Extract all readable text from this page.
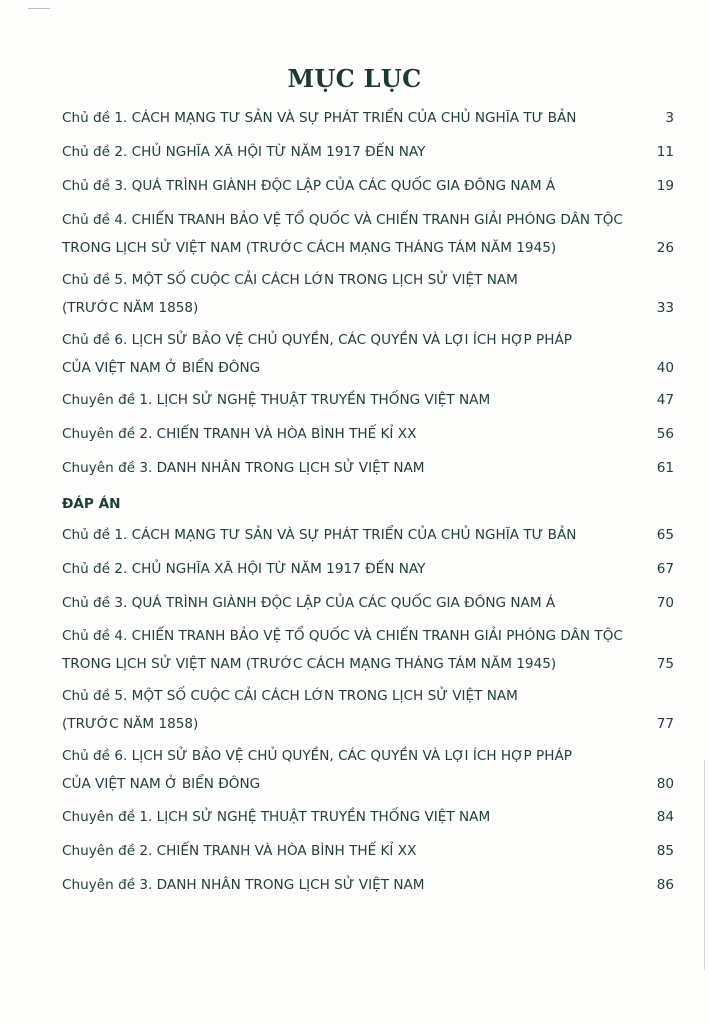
MỤC LỤC
Chủ đề 1. CÁCH MẠNG TƯ SẢN VÀ SỰ PHÁT TRIỂN CỦA CHỦ NGHĨA TƯ BẢN	3
Chủ đề 2. CHỦ NGHĨA XÃ HỘI TỪ NĂM 1917 ĐẾN NAY	11
Chủ đề 3. QUÁ TRÌNH GIÀNH ĐỘC LẬP CỦA CÁC QUỐC GIA ĐÔNG NAM Á	19
Chủ đề 4. CHIẾN TRANH BẢO VỆ TỔ QUỐC VÀ CHIẾN TRANH GIẢI PHÓNG DÂN TỘC
TRONG LỊCH SỬ VIỆT NAM (TRƯỚC CÁCH MẠNG THÁNG TÁM NĂM 1945)	26
Chủ đề 5. MỘT SỐ CUỘC CẢI CÁCH LỚN TRONG LỊCH SỬ VIỆT NAM
(TRƯỚC NĂM 1858)	33
Chủ đề 6. LỊCH SỬ BẢO VỆ CHỦ QUYỀN, CÁC QUYỀN VÀ LỢI ÍCH HỢP PHÁP
CỦA VIỆT NAM Ở BIỂN ĐÔNG	40
Chuyên đề 1. LỊCH SỬ NGHỆ THUẬT TRUYỀN THỐNG VIỆT NAM	47
Chuyên đề 2. CHIẾN TRANH VÀ HÒA BÌNH THẾ KỈ XX	56
Chuyên đề 3. DANH NHÂN TRONG LỊCH SỬ VIỆT NAM	61
ĐÁP ÁN
Chủ đề 1. CÁCH MẠNG TƯ SẢN VÀ SỰ PHÁT TRIỂN CỦA CHỦ NGHĨA TƯ BẢN	65
Chủ đề 2. CHỦ NGHĨA XÃ HỘI TỪ NĂM 1917 ĐẾN NAY	67
Chủ đề 3. QUÁ TRÌNH GIÀNH ĐỘC LẬP CỦA CÁC QUỐC GIA ĐÔNG NAM Á	70
Chủ đề 4. CHIẾN TRANH BẢO VỆ TỔ QUỐC VÀ CHIẾN TRANH GIẢI PHÓNG DÂN TỘC
TRONG LỊCH SỬ VIỆT NAM (TRƯỚC CÁCH MẠNG THÁNG TÁM NĂM 1945)	75
Chủ đề 5. MỘT SỐ CUỘC CẢI CÁCH LỚN TRONG LỊCH SỬ VIỆT NAM
(TRƯỚC NĂM 1858)	77
Chủ đề 6. LỊCH SỬ BẢO VỆ CHỦ QUYỀN, CÁC QUYỀN VÀ LỢI ÍCH HỢP PHÁP
CỦA VIỆT NAM Ở BIỂN ĐÔNG	80
Chuyên đề 1. LỊCH SỬ NGHỆ THUẬT TRUYỀN THỐNG VIỆT NAM	84
Chuyên đề 2. CHIẾN TRANH VÀ HÒA BÌNH THẾ KỈ XX	85
Chuyên đề 3. DANH NHÂN TRONG LỊCH SỬ VIỆT NAM	86
